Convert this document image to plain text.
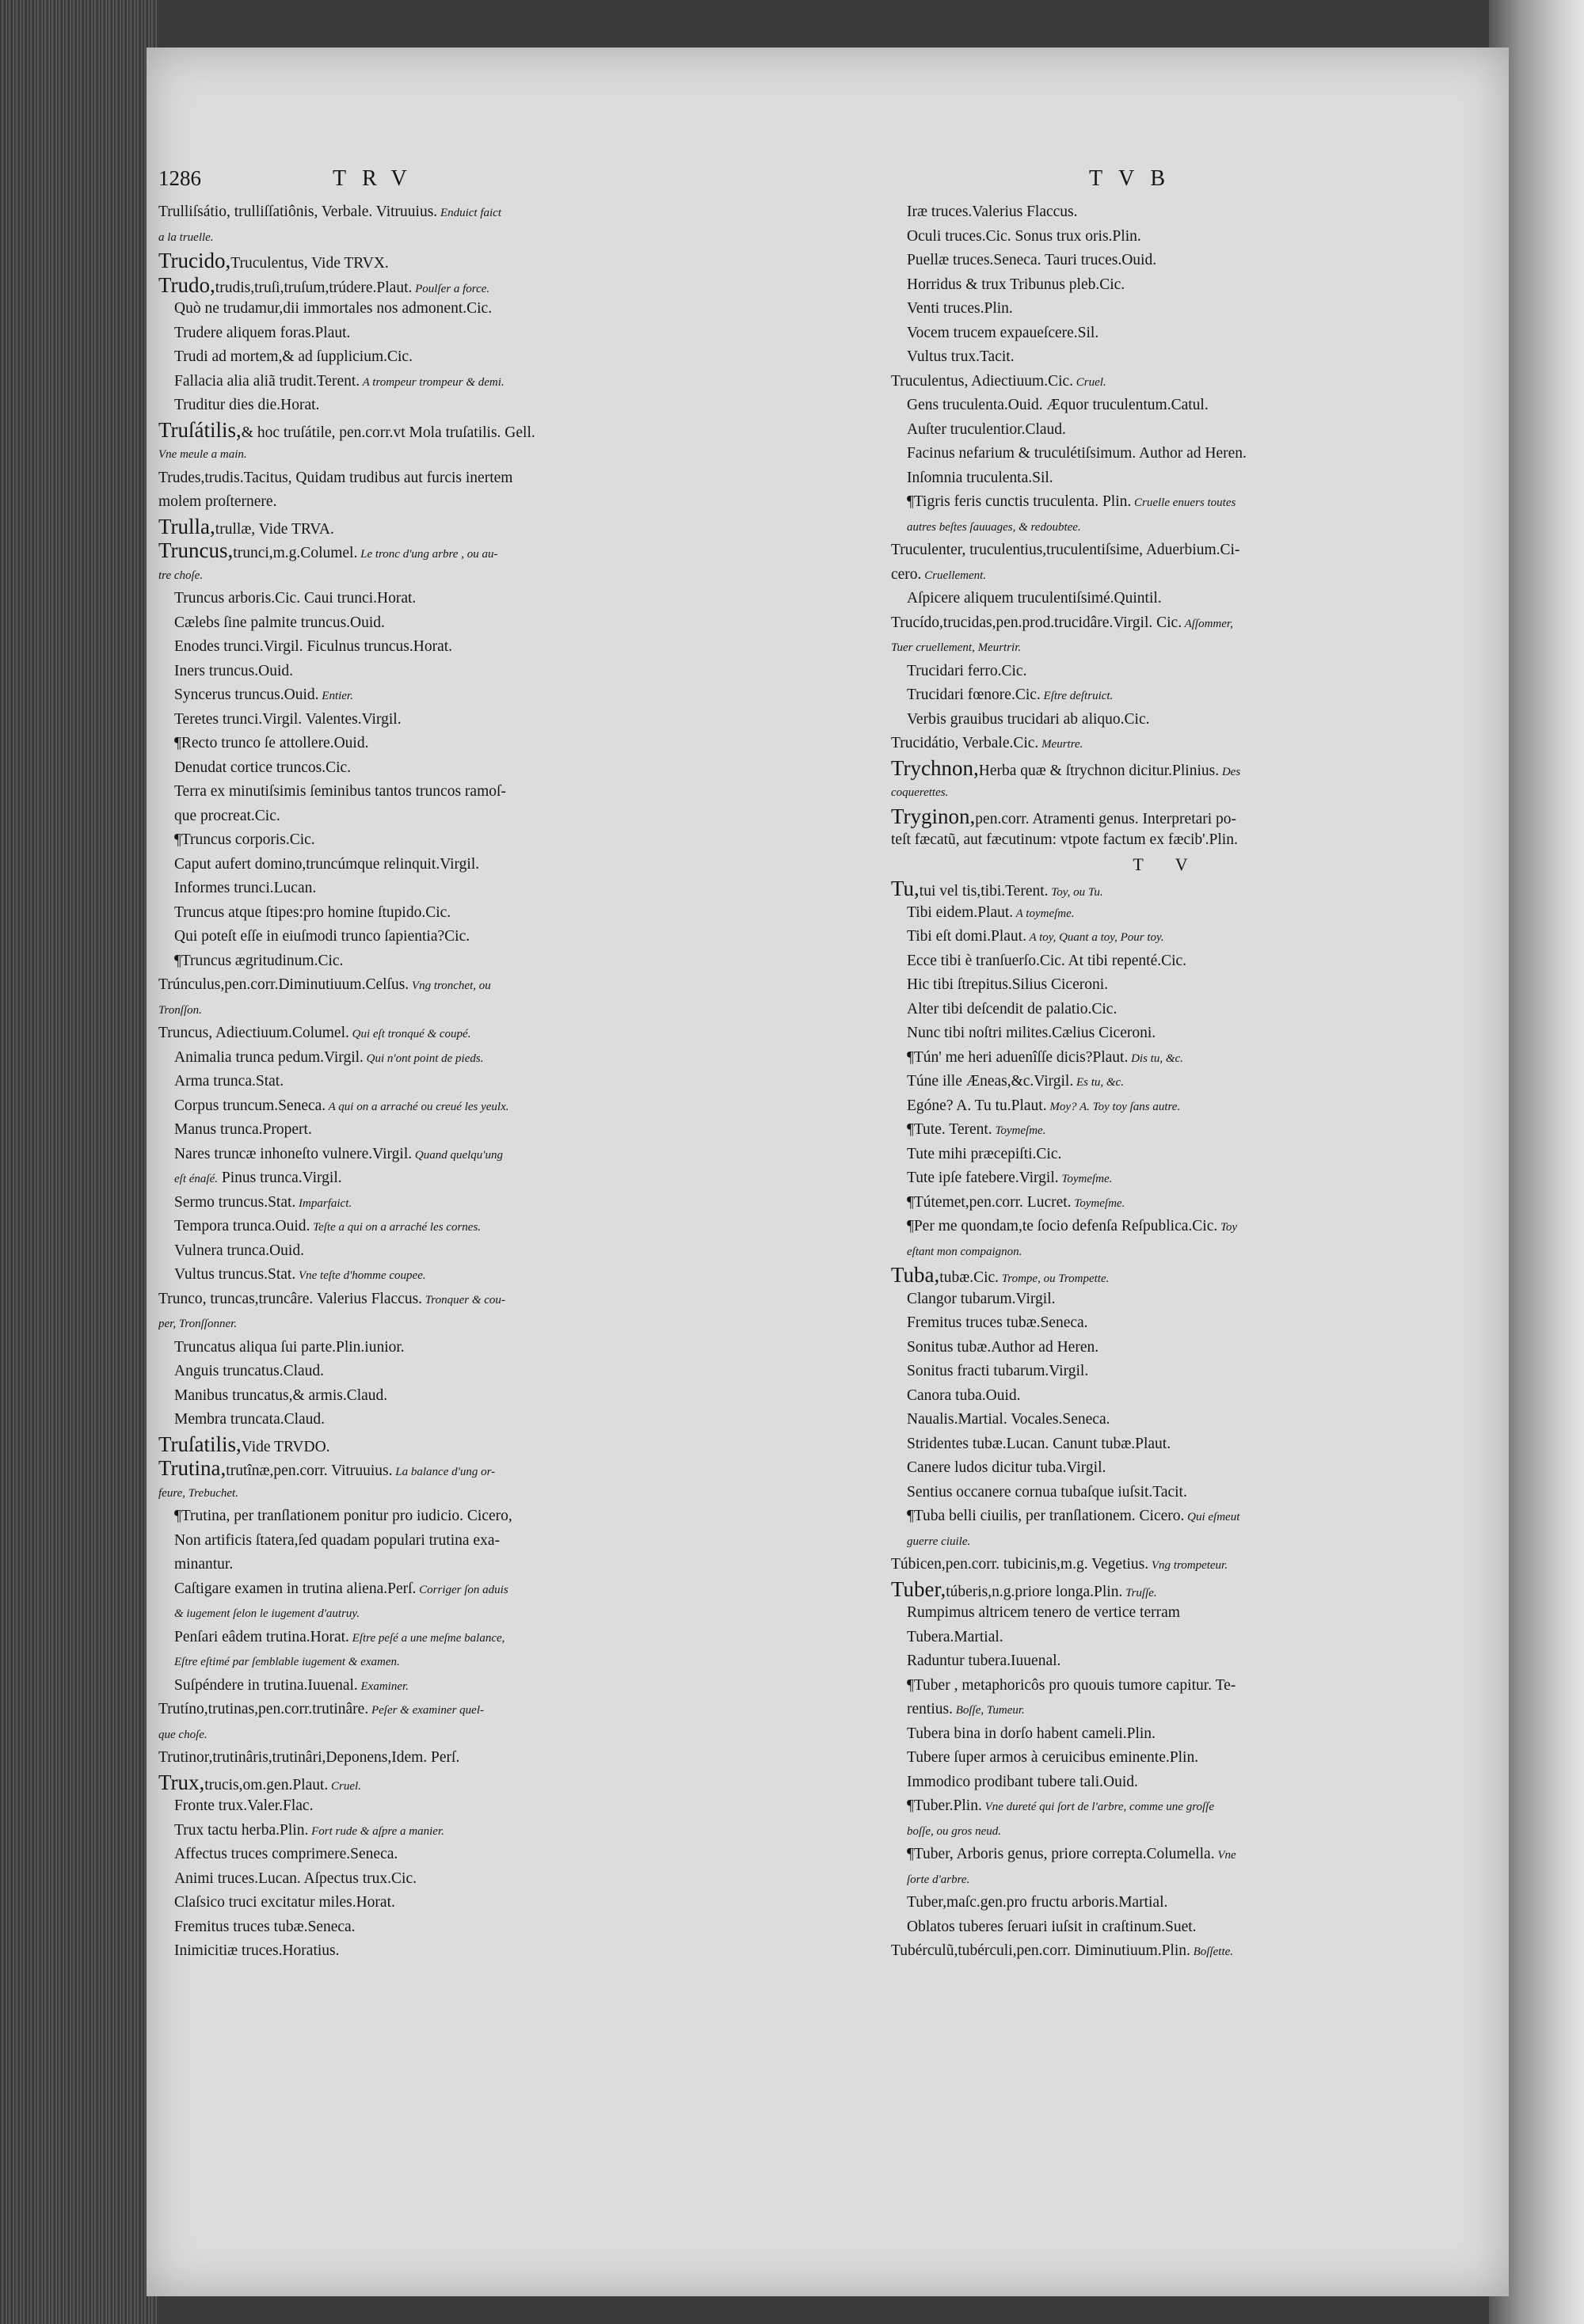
1286	TRV	TVB
Trulliſsátio, trulliſſatiônis, Verbale. Vitruuius. Enduict faict
a la truelle.
Trucido,Truculentus, Vide TRVX.
Trudo,trudis,truſi,truſum,trúdere.Plaut. Poulſer a force.
Quò ne trudamur,dii immortales nos admonent.Cic.
Trudere aliquem foras.Plaut.
Trudi ad mortem,& ad ſupplicium.Cic.
Fallacia alia aliã trudit.Terent. A trompeur trompeur & demi.
Truditur dies die.Horat.
Truſátilis,& hoc truſátile, pen.corr.vt Mola truſatilis. Gell.
Vne meule a main.
Trudes,trudis.Tacitus, Quidam trudibus aut furcis inertem
molem proſternere.
Trulla,trullæ, Vide TRVA.
Truncus,trunci,m.g.Columel. Le tronc d'ung arbre , ou au-
tre choſe.
Truncus arboris.Cic. Caui trunci.Horat.
Cælebs ſine palmite truncus.Ouid.
Enodes trunci.Virgil. Ficulnus truncus.Horat.
Iners truncus.Ouid.
Syncerus truncus.Ouid. Entier.
Teretes trunci.Virgil. Valentes.Virgil.
¶Recto trunco ſe attollere.Ouid.
Denudat cortice truncos.Cic.
Terra ex minutiſsimis ſeminibus tantos truncos ramoſ-
que procreat.Cic.
¶Truncus corporis.Cic.
Caput aufert domino,truncúmque relinquit.Virgil.
Informes trunci.Lucan.
Truncus atque ſtipes:pro homine ſtupido.Cic.
Qui poteſt eſſe in eiuſmodi trunco ſapientia?Cic.
¶Truncus ægritudinum.Cic.
Trúnculus,pen.corr.Diminutiuum.Celſus. Vng tronchet, ou
Tronſſon.
Truncus, Adiectiuum.Columel. Qui eſt tronqué & coupé.
Animalia trunca pedum.Virgil. Qui n'ont point de pieds.
Arma trunca.Stat.
Corpus truncum.Seneca. A qui on a arraché ou creué les yeulx.
Manus trunca.Propert.
Nares truncæ inhoneſto vulnere.Virgil. Quand quelqu'ung
eſt énaſé. Pinus trunca.Virgil.
Sermo truncus.Stat. Imparfaict.
Tempora trunca.Ouid. Teſte a qui on a arraché les cornes.
Vulnera trunca.Ouid.
Vultus truncus.Stat. Vne teſte d'homme coupee.
Trunco, truncas,truncâre. Valerius Flaccus. Tronquer & cou-
per, Tronſſonner.
Truncatus aliqua ſui parte.Plin.iunior.
Anguis truncatus.Claud.
Manibus truncatus,& armis.Claud.
Membra truncata.Claud.
Truſatilis,Vide TRVDO.
Trutina,trutînæ,pen.corr. Vitruuius. La balance d'ung or-
feure, Trebuchet.
¶Trutina, per tranſlationem ponitur pro iudicio. Cicero,
Non artificis ſtatera,ſed quadam populari trutina exa-
minantur.
Caſtigare examen in trutina aliena.Perſ. Corriger ſon aduis
& iugement ſelon le iugement d'autruy.
Penſari eâdem trutina.Horat. Eſtre peſé a une meſme balance,
Eſtre eſtimé par ſemblable iugement & examen.
Suſpéndere in trutina.Iuuenal. Examiner.
Trutíno,trutinas,pen.corr.trutinâre. Peſer & examiner quel-
que choſe.
Trutinor,trutinâris,trutinâri,Deponens,Idem. Perſ.
Trux,trucis,om.gen.Plaut. Cruel.
Fronte trux.Valer.Flac.
Trux tactu herba.Plin. Fort rude & aſpre a manier.
Affectus truces comprimere.Seneca.
Animi truces.Lucan. Aſpectus trux.Cic.
Claſsico truci excitatur miles.Horat.
Fremitus truces tubæ.Seneca.
Inimicitiæ truces.Horatius.
Iræ truces.Valerius Flaccus.
Oculi truces.Cic. Sonus trux oris.Plin.
Puellæ truces.Seneca. Tauri truces.Ouid.
Horridus & trux Tribunus pleb.Cic.
Venti truces.Plin.
Vocem trucem expaueſcere.Sil.
Vultus trux.Tacit.
Truculentus, Adiectiuum.Cic. Cruel.
Gens truculenta.Ouid. Æquor truculentum.Catul.
Auſter truculentior.Claud.
Facinus nefarium & truculétiſsimum. Author ad Heren.
Inſomnia truculenta.Sil.
¶Tigris feris cunctis truculenta. Plin. Cruelle enuers toutes
autres beſtes ſauuages, & redoubtee.
Truculenter, truculentius,truculentiſsime, Aduerbium.Ci-
cero. Cruellement.
Aſpicere aliquem truculentiſsimé.Quintil.
Trucído,trucidas,pen.prod.trucidâre.Virgil. Cic. Aſſommer,
Tuer cruellement, Meurtrir.
Trucidari ferro.Cic.
Trucidari fœnore.Cic. Eſtre deſtruict.
Verbis grauibus trucidari ab aliquo.Cic.
Trucidátio, Verbale.Cic. Meurtre.
Trychnon,Herba quæ & ſtrychnon dicitur.Plinius. Des
coquerettes.
Tryginon,pen.corr. Atramenti genus. Interpretari po-
teſt fæcatũ, aut fæcutinum: vtpote factum ex fæcib'.Plin.
TV
Tu,tui vel tis,tibi.Terent. Toy, ou Tu.
Tibi eidem.Plaut. A toymeſme.
Tibi eſt domi.Plaut. A toy, Quant a toy, Pour toy.
Ecce tibi è tranſuerſo.Cic. At tibi repenté.Cic.
Hic tibi ſtrepitus.Silius Ciceroni.
Alter tibi deſcendit de palatio.Cic.
Nunc tibi noſtri milites.Cælius Ciceroni.
¶Tún' me heri aduenîſſe dicis?Plaut. Dis tu, &c.
Túne ille Æneas,&c.Virgil. Es tu, &c.
Egóne? A. Tu tu.Plaut. Moy? A. Toy toy ſans autre.
¶Tute. Terent. Toymeſme.
Tute mihi præcepiſti.Cic.
Tute ipſe fatebere.Virgil. Toymeſme.
¶Tútemet,pen.corr. Lucret. Toymeſme.
¶Per me quondam,te ſocio defenſa Reſpublica.Cic. Toy
eſtant mon compaignon.
Tuba,tubæ.Cic. Trompe, ou Trompette.
Clangor tubarum.Virgil.
Fremitus truces tubæ.Seneca.
Sonitus tubæ.Author ad Heren.
Sonitus fracti tubarum.Virgil.
Canora tuba.Ouid.
Naualis.Martial. Vocales.Seneca.
Stridentes tubæ.Lucan. Canunt tubæ.Plaut.
Canere ludos dicitur tuba.Virgil.
Sentius occanere cornua tubaſque iuſsit.Tacit.
¶Tuba belli ciuilis, per tranſlationem. Cicero. Qui eſmeut
guerre ciuile.
Túbicen,pen.corr. tubicinis,m.g. Vegetius. Vng trompeteur.
Tuber,túberis,n.g.priore longa.Plin. Truſſe.
Rumpimus altricem tenero de vertice terram
Tubera.Martial.
Raduntur tubera.Iuuenal.
¶Tuber , metaphoricôs pro quouis tumore capitur. Te-
rentius. Boſſe, Tumeur.
Tubera bina in dorſo habent cameli.Plin.
Tubere ſuper armos à ceruicibus eminente.Plin.
Immodico prodibant tubere tali.Ouid.
¶Tuber.Plin. Vne dureté qui ſort de l'arbre, comme une groſſe
boſſe, ou gros neud.
¶Tuber, Arboris genus, priore correpta.Columella. Vne
ſorte d'arbre.
Tuber,maſc.gen.pro fructu arboris.Martial.
Oblatos tuberes ſeruari iuſsit in craſtinum.Suet.
Tubérculũ,tubérculi,pen.corr. Diminutiuum.Plin. Boſſette.
